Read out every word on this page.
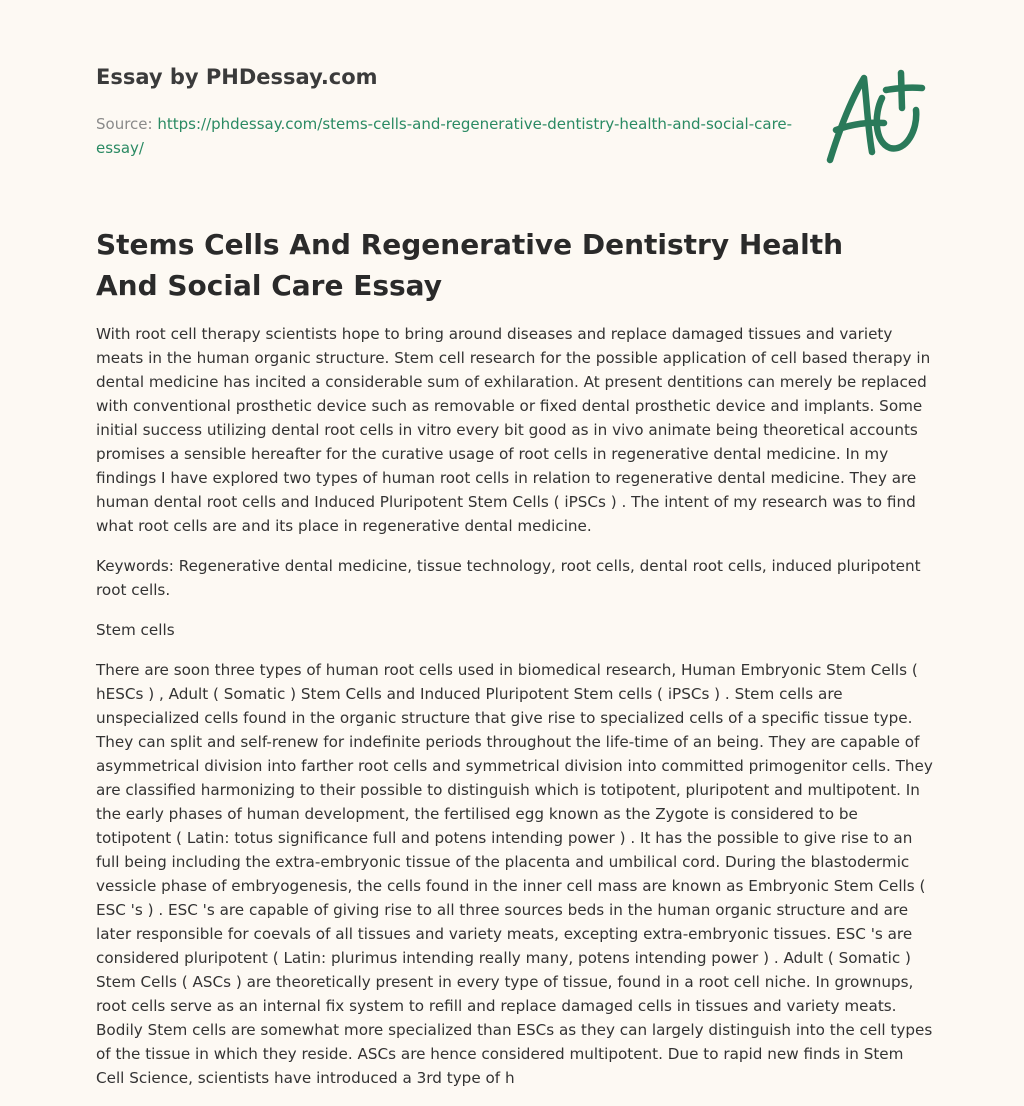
Essay by PHDessay.com
Source: https://phdessay.com/stems-cells-and-regenerative-dentistry-health-and-social-care-essay/
Stems Cells And Regenerative Dentistry Health And Social Care Essay

With root cell therapy scientists hope to bring around diseases and replace damaged tissues and variety meats in the human organic structure. Stem cell research for the possible application of cell based therapy in dental medicine has incited a considerable sum of exhilaration. At present dentitions can merely be replaced with conventional prosthetic device such as removable or fixed dental prosthetic device and implants. Some initial success utilizing dental root cells in vitro every bit good as in vivo animate being theoretical accounts promises a sensible hereafter for the curative usage of root cells in regenerative dental medicine. In my findings I have explored two types of human root cells in relation to regenerative dental medicine. They are human dental root cells and Induced Pluripotent Stem Cells ( iPSCs ) . The intent of my research was to find what root cells are and its place in regenerative dental medicine.

Keywords: Regenerative dental medicine, tissue technology, root cells, dental root cells, induced pluripotent root cells.

Stem cells

There are soon three types of human root cells used in biomedical research, Human Embryonic Stem Cells ( hESCs ) , Adult ( Somatic ) Stem Cells and Induced Pluripotent Stem cells ( iPSCs ) . Stem cells are unspecialized cells found in the organic structure that give rise to specialized cells of a specific tissue type. They can split and self-renew for indefinite periods throughout the life-time of an being. They are capable of asymmetrical division into farther root cells and symmetrical division into committed primogenitor cells. They are classified harmonizing to their possible to distinguish which is totipotent, pluripotent and multipotent. In the early phases of human development, the fertilised egg known as the Zygote is considered to be totipotent ( Latin: totus significance full and potens intending power ) . It has the possible to give rise to an full being including the extra-embryonic tissue of the placenta and umbilical cord. During the blastodermic vessicle phase of embryogenesis, the cells found in the inner cell mass are known as Embryonic Stem Cells ( ESC 's ) . ESC 's are capable of giving rise to all three sources beds in the human organic structure and are later responsible for coevals of all tissues and variety meats, excepting extra-embryonic tissues. ESC 's are considered pluripotent ( Latin: plurimus intending really many, potens intending power ) . Adult ( Somatic ) Stem Cells ( ASCs ) are theoretically present in every type of tissue, found in a root cell niche. In grownups, root cells serve as an internal fix system to refill and replace damaged cells in tissues and variety meats. Bodily Stem cells are somewhat more specialized than ESCs as they can largely distinguish into the cell types of the tissue in which they reside. ASCs are hence considered multipotent. Due to rapid new finds in Stem Cell Science, scientists have introduced a 3rd type of h
